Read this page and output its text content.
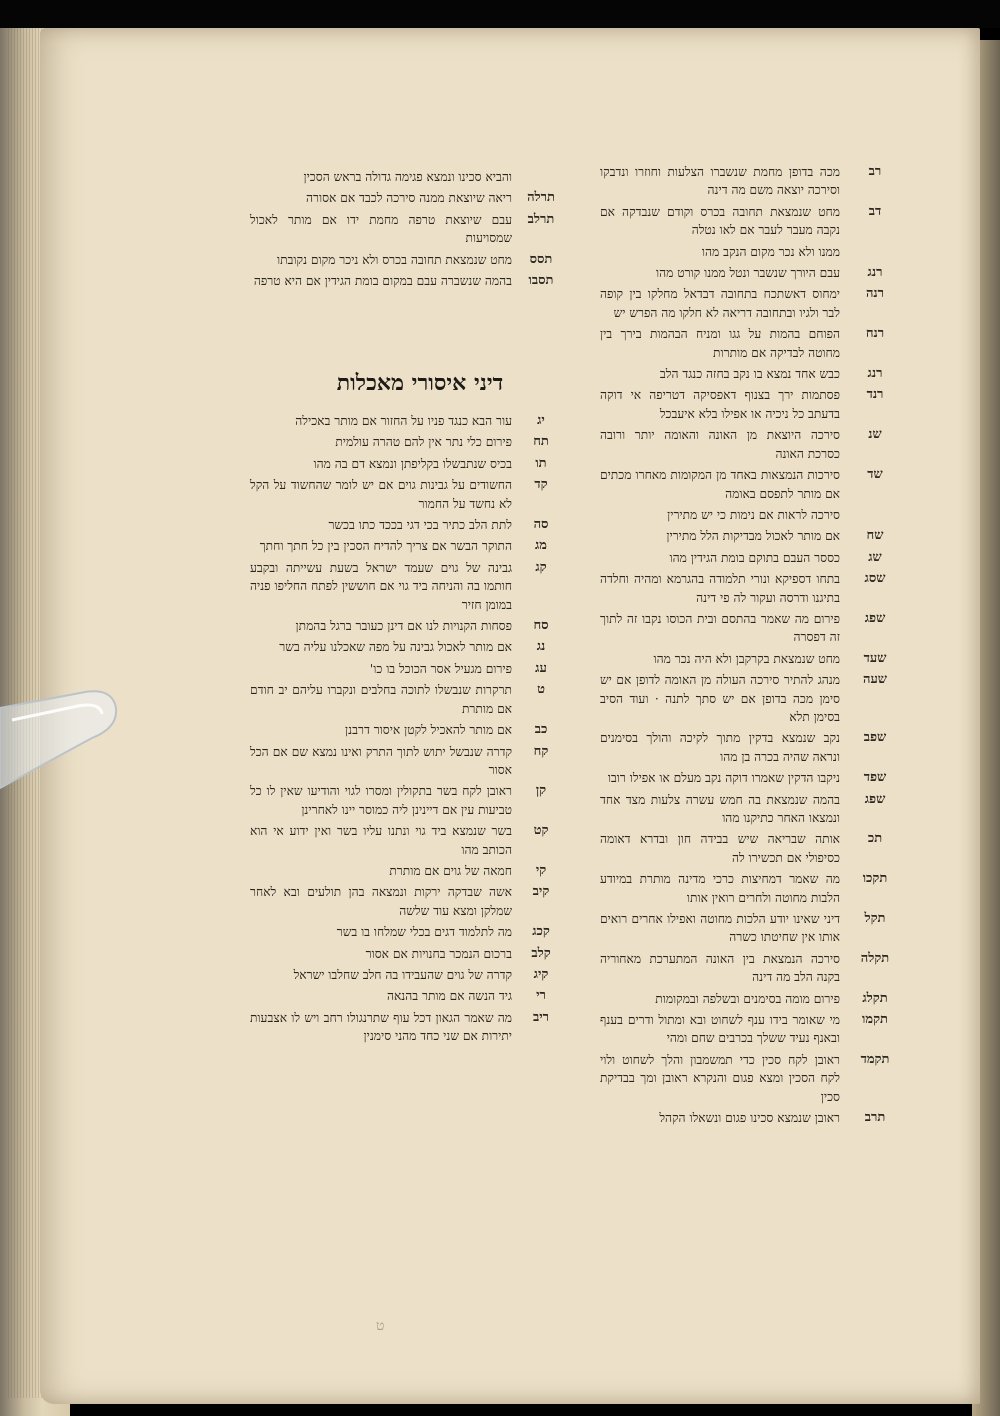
רב
מכה בדופן מחמת שנשברו הצלעות וחוזרו ונדבקו וסירכה יוצאה משם מה דינה
דב
מחט שנמצאת תחובה בכרס וקודם שנבדקה אם נקבה מעבר לעבר אם לאו נטלה
ממנו ולא נכר מקום הנקב מהו
רנג
עבם היורך שנשבר ונטל ממנו קורט מהו
רנה
ימחוס דאשתכח בתחובה דבדאל מחלקו בין קופה לבר ולגיו ובתחובה דריאה לא חלקו מה הפרש יש
רנח
הפוחם בהמות על גגו ומניח הבהמות בירך בין מחוטה לבדיקה אם מותרות
רנג
כבש אחד נמצא בו נקב בחזה כנגד הלב
רנד
פסתמות ירך בצנוף דאפסיקה דטריפה אי דוקה בדעתב כל ניכיה או אפילו בלא איעבכל
שנ
סירכה היוצאת מן האונה והאומה יותר ורובה כסרכת האונה
שד
סירכות הנמצאות באחד מן המקומות מאחרו מכתים אם מותר לתפסם באומה
סירכה לראות אם נימות כי יש מתירין
שח
אם מותר לאכול מבדיקות הלל מתירין
שג
כססר העבם בתוקם בומת הגידין מהו
שסג
בתחו דספיקא ונורי תלמודה בהגרמא ומהיה וחלדה בתיגנו ודרסה ועקור לה פי דינה
שפג
פירום מה שאמר בהתסם ובית הכוסו נקבו זה לתוך זה דפסרה
שעד
מחט שנמצאת בקרקבן ולא היה נכר מהו
שעה
מנהג להתיר סירכה העולה מן האומה לדופן אם יש סימן מכה בדופן אם יש סתך לתנה · ועוד הסיב בסימן תלא
שפב
נקב שנמצא בדקין מתוך לקיכה והולך בסימנים ונראה שהיה בכרה בן מהו
שפד
ניקבו הדקין שאמרו דוקה נקב מעלם או אפילו רובו
שפג
בהמה שנמצאת בה חמש עשרה צלעות מצד אחד ונמצאו האחר כתיקנו מהו
תכ
אותה שבריאה שיש בבידה חון ובדרא דאומה כסיפולי אם תכשירו לה
תקכו
מה שאמר דמחיצות כרכי מדינה מותרת במיודע הלבות מחוטה ולחרים רואין אותו
תקל
דיני שאינו יודע הלכות מחוטה ואפילו אחרים רואים אותו אין שחיטתו כשרה
תקלה
סירכה הנמצאת בין האונה המתערכת מאחוריה בקנה הלב מה דינה
תקלג
פירום מומה בסימנים ובשלפה ובמקומות
תקמו
מי שאומר בידו ענף לשחוט ובא ומתול ודרים בענף ובאנף נעיד ששלך בכרבים שחם ומהי
תקמד
ראובן לקח סכין כדי תמשמבון והלך לשחוט ולוי לקח הסכין ומצא פגום והנקרא ראובן ומך בבדיקת סכין
תרב
ראובן שנמצא סכינו פגום ונשאלו הקהל
והביא סכינו ונמצא פגימה גדולה בראש הסכין
תרלה
ריאה שיוצאת ממנה סירכה לכבד אם אסורה
תרלב
עבם שיוצאת טרפה מחמת ידו אם מותר לאכול שמסויעות
תסס
מחט שנמצאת תחובה בכרס ולא ניכר מקום נקובתו
תסבו
בהמה שנשברה עבם במקום בומת הגידין אם היא טרפה
דיני איסורי מאכלות
יג
עור הבא כנגד פניו על החזור אם מותר באכילה
תח
פירום כלי נתר אין להם טהרה עולמית
תו
בכיס שנתבשלו בקליפתן ונמצא דם בה מהו
קד
החשודים על גבינות גוים אם יש לומר שהחשוד על הקל לא נחשד על החמור
סה
לתת הלב כתיר בכי דגי בככד כתו בכשר
מג
התוקר הבשר אם צריך להדיח הסכין בין כל חתך וחתך
קג
גבינה של גוים שעמד ישראל בשעת עשייתה ובקבע חותמו בה והניחה ביד גוי אם חוששין לפתח החליפו פניה במומן חזיר
סח
פסחות הקנויות לנו אם דינן כעובר ברגל בהמתן
נג
אם מותר לאכול גבינה על מפה שאכלנו עליה בשר
עג
פירום מגעיל אסר הכוכל בו כו'
ט
תרקרות שנבשלו לתוכה בחלבים ונקברו עליהם יב חודם אם מותרת
כב
אם מותר להאכיל לקטן איסור דרבנן
קח
קדרה שנבשל יתוש לתוך התרק ואינו נמצא שם אם הכל אסור
קן
ראובן לקח בשר בתקולין ומסרו לגוי והודיעו שאין לו כל טביעות עין אם דיינינן ליה כמוסר יינו לאחרינן
קט
בשר שנמצא ביד גוי ונתנו עליו בשר ואין ידוע אי הוא הכותב מהו
קי
חמאה של גוים אם מותרת
קיב
אשה שבדקה ירקות ונמצאה בהן תולעים ובא לאחר שמלקן ומצא עוד שלשה
קכג
מה לתלמוד דגים בכלי שמלחו בו בשר
קלב
ברכום הנמכר בחנויות אם אסור
קיג
קדרה של גוים שהעבידו בה חלב שחלבו ישראל
רי
גיד הנשה אם מותר בהנאה
ריב
מה שאמר הגאון דכל עוף שתרנגולו רחב ויש לו אצבעות יתירות אם שני כחד מהני סימנין
ט
